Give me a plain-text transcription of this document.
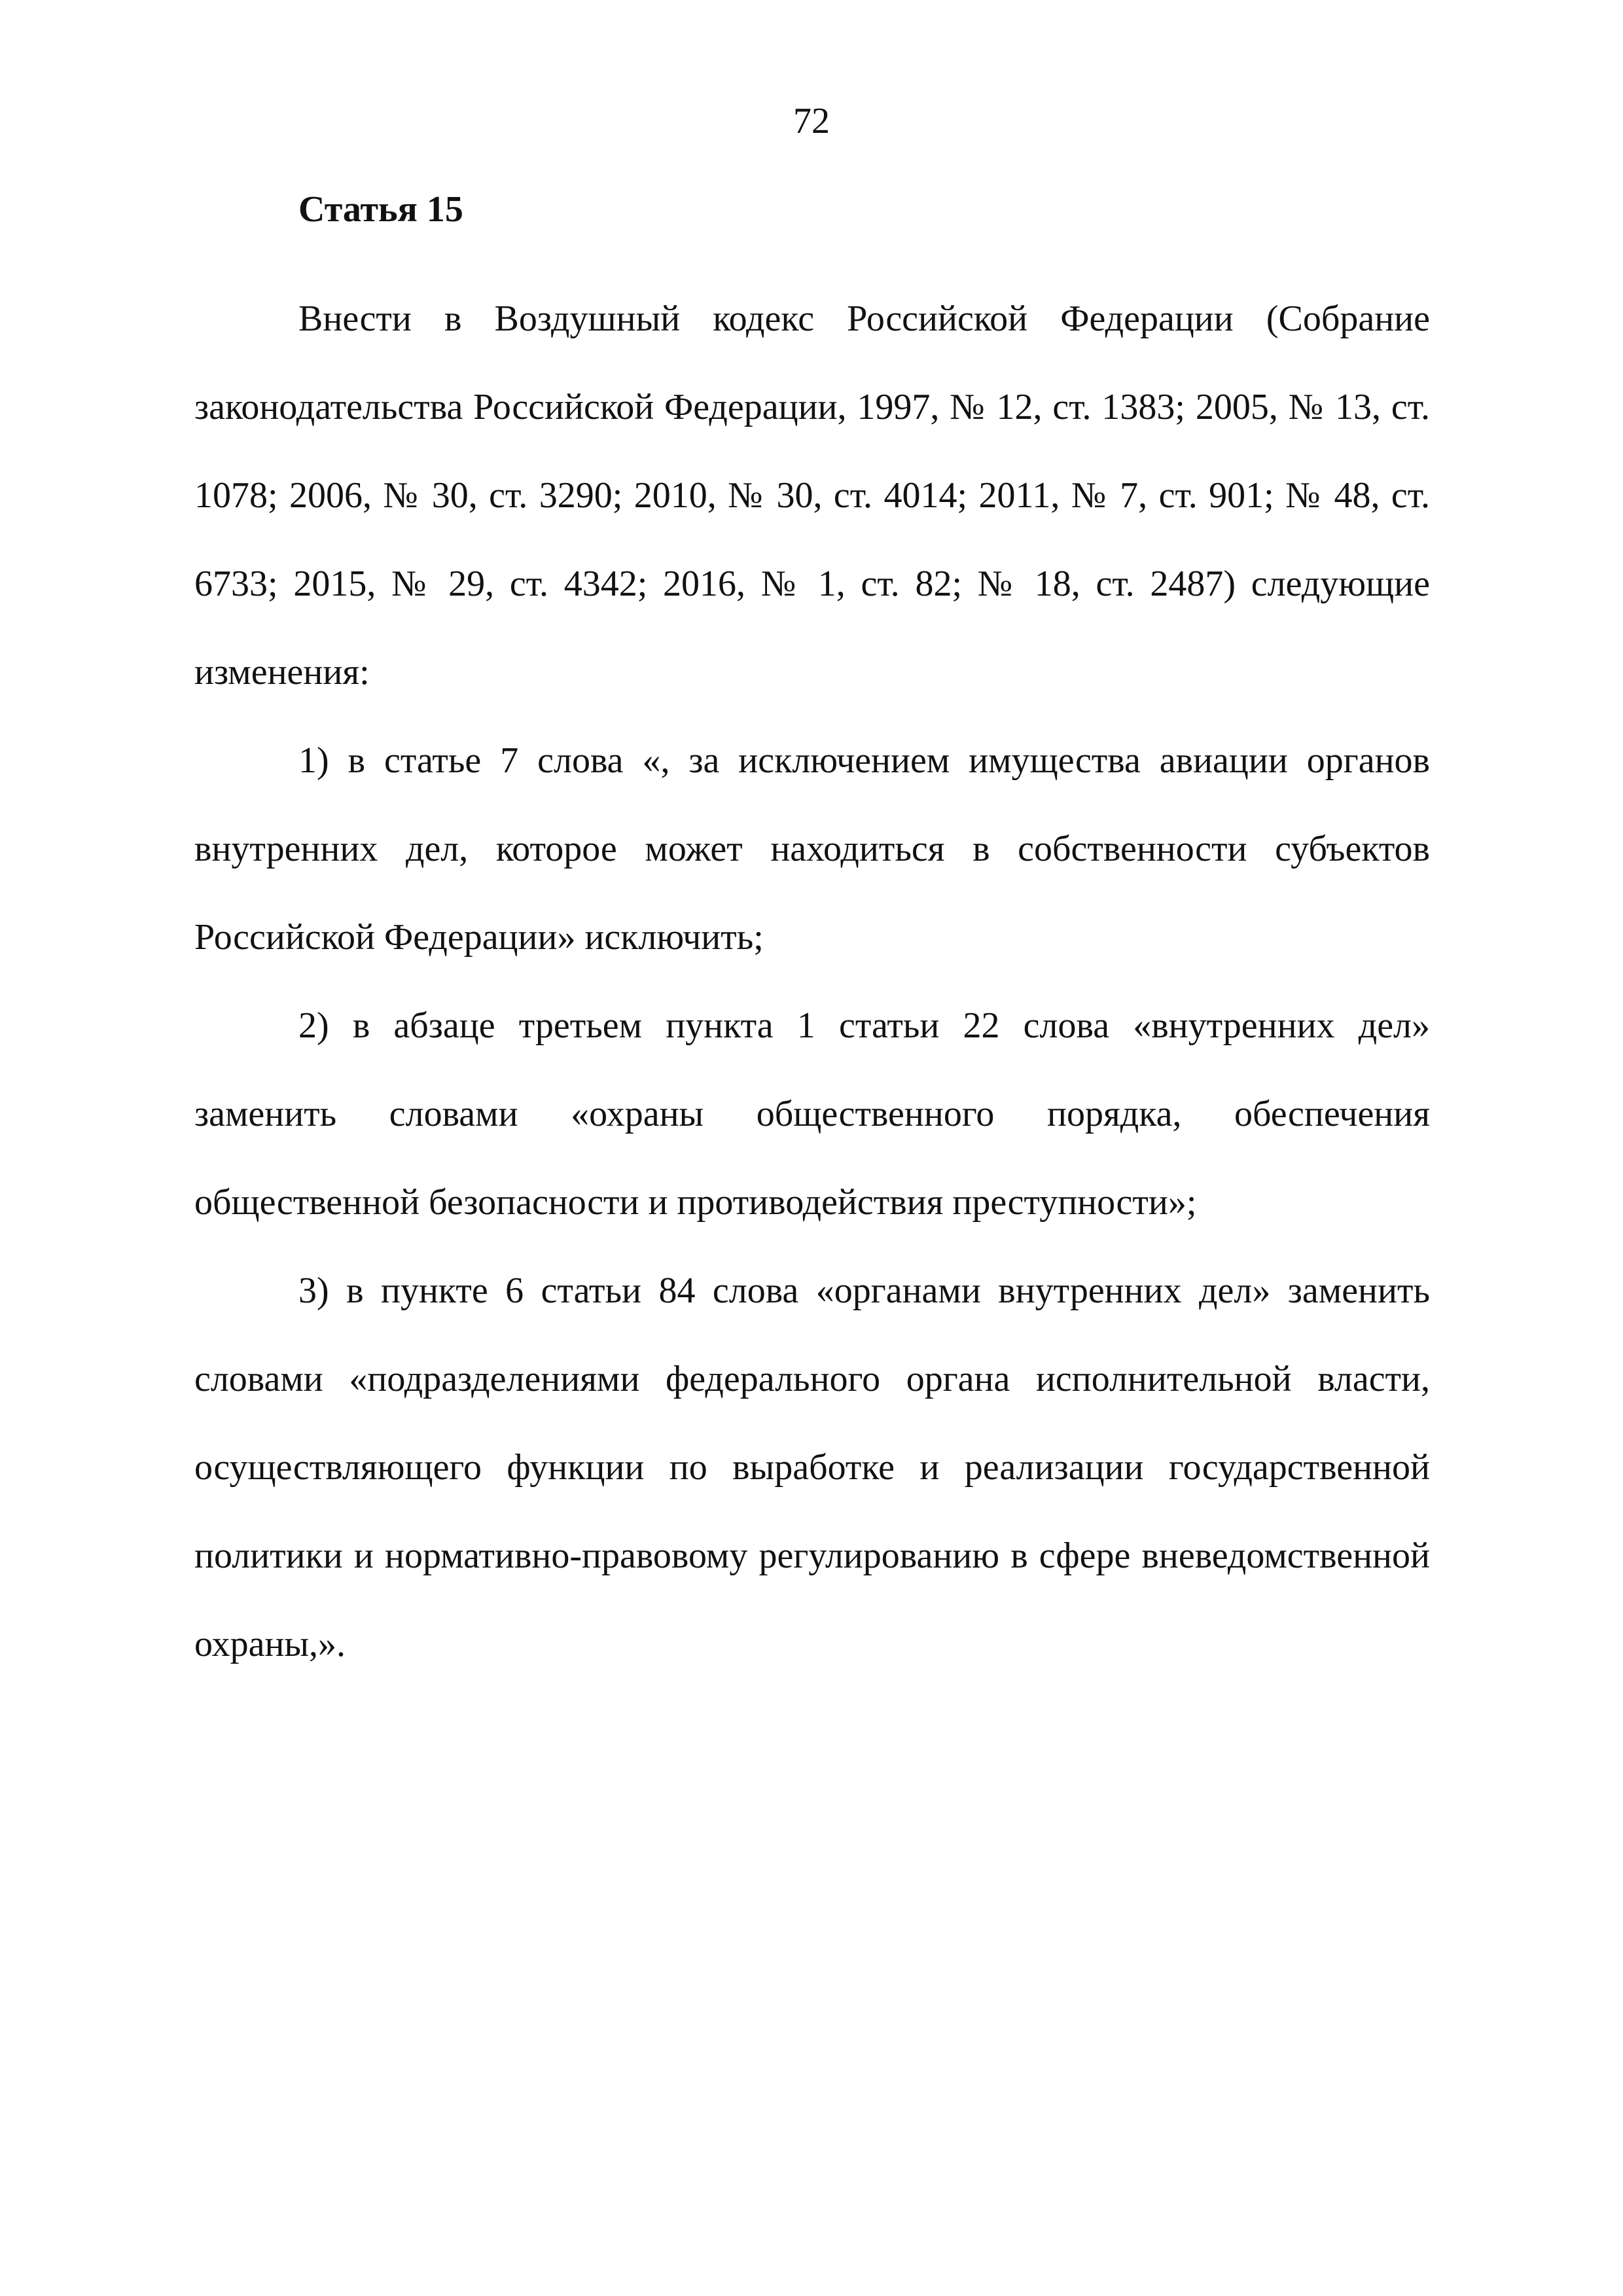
72
Статья 15

Внести в Воздушный кодекс Российской Федерации (Собрание законодательства Российской Федерации, 1997, № 12, ст. 1383; 2005, № 13, ст. 1078; 2006, № 30, ст. 3290; 2010, № 30, ст. 4014; 2011, № 7, ст. 901; № 48, ст. 6733; 2015, № 29, ст. 4342; 2016, № 1, ст. 82; № 18, ст. 2487) следующие изменения:

1) в статье 7 слова «, за исключением имущества авиации органов внутренних дел, которое может находиться в собственности субъектов Российской Федерации» исключить;

2) в абзаце третьем пункта 1 статьи 22 слова «внутренних дел» заменить словами «охраны общественного порядка, обеспечения общественной безопасности и противодействия преступности»;

3) в пункте 6 статьи 84 слова «органами внутренних дел» заменить словами «подразделениями федерального органа исполнительной власти, осуществляющего функции по выработке и реализации государственной политики и нормативно-правовому регулированию в сфере вневедомственной охраны,».
